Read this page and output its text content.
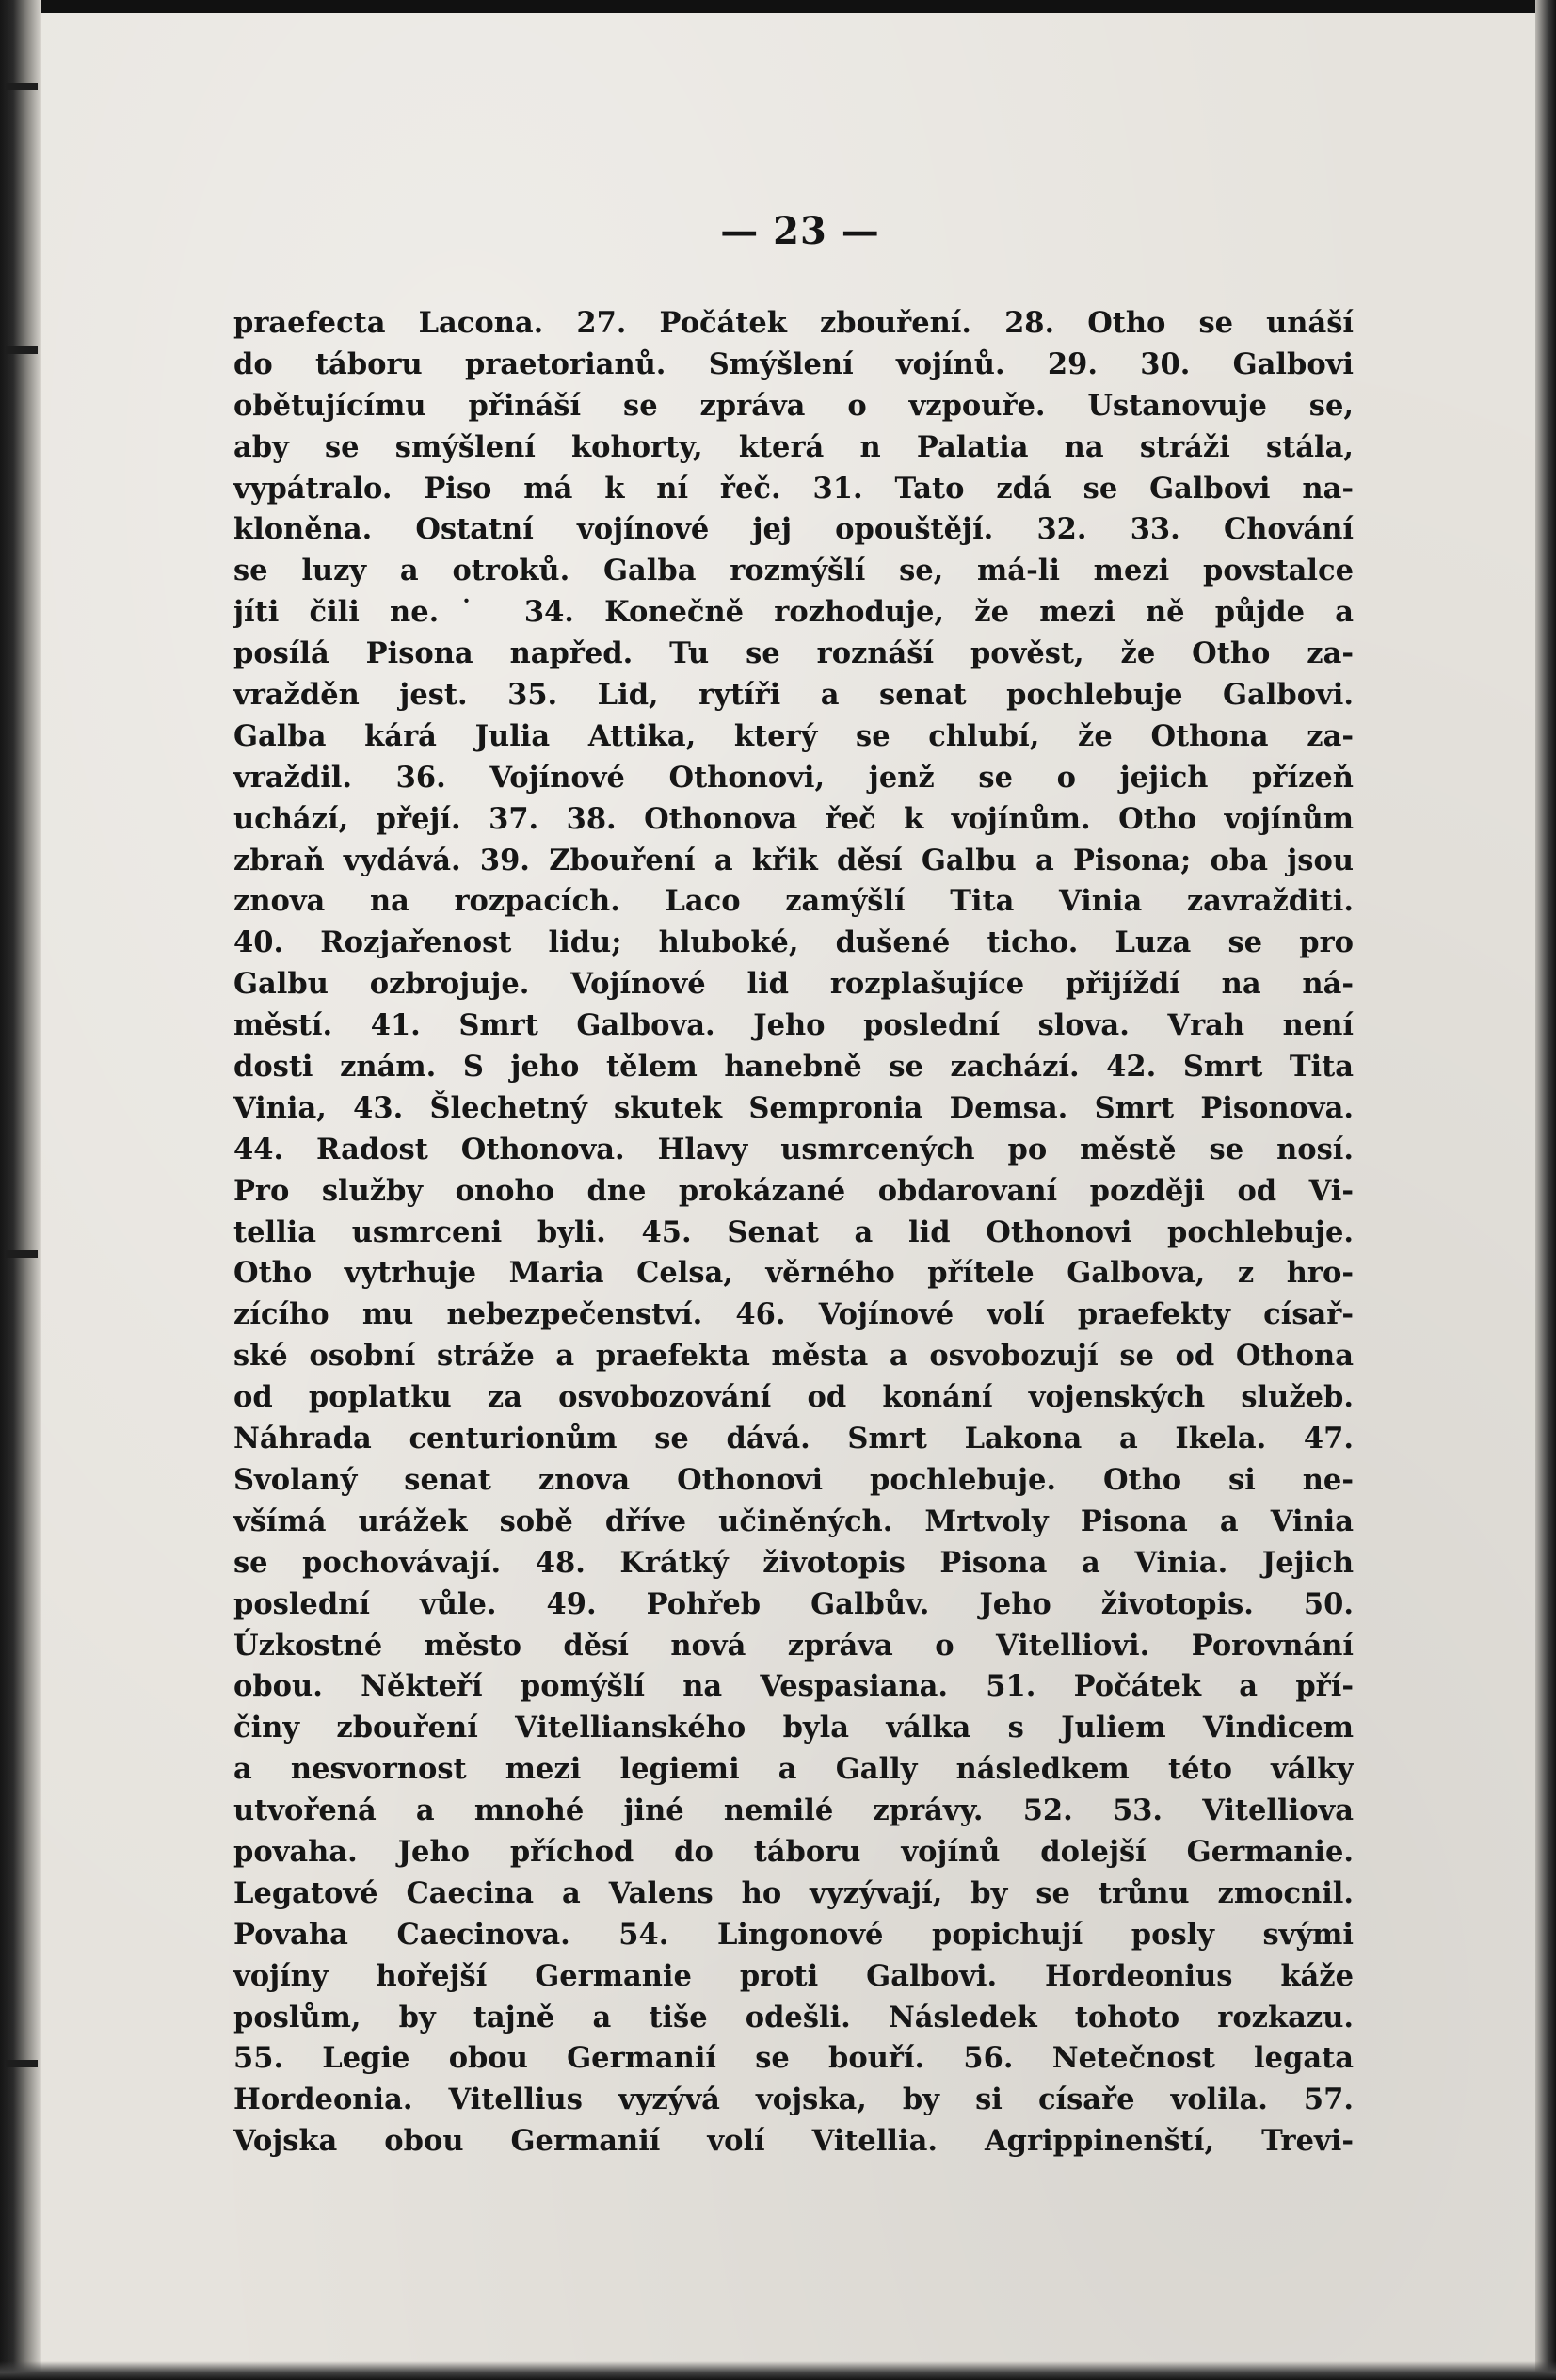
— 23 —
praefecta Lacona. 27. Počátek zbouření. 28. Otho se unáší
do táboru praetorianů. Smýšlení vojínů. 29. 30. Galbovi
obětujícímu přináší se zpráva o vzpouře. Ustanovuje se,
aby se smýšlení kohorty, která n Palatia na stráži stála,
vypátralo. Piso má k ní řeč. 31. Tato zdá se Galbovi na-
kloněna. Ostatní vojínové jej opouštějí. 32. 33. Chování
se luzy a otroků. Galba rozmýšlí se, má-li mezi povstalce
jíti čili ne.˙ 34. Konečně rozhoduje, že mezi ně půjde a
posílá Pisona napřed. Tu se roznáší pověst, že Otho za-
vražděn jest. 35. Lid, rytíři a senat pochlebuje Galbovi.
Galba kárá Julia Attika, který se chlubí, že Othona za-
vraždil. 36. Vojínové Othonovi, jenž se o jejich přízeň
uchází, přejí. 37. 38. Othonova řeč k vojínům. Otho vojínům
zbraň vydává. 39. Zbouření a křik děsí Galbu a Pisona; oba jsou
znova na rozpacích. Laco zamýšlí Tita Vinia zavražditi.
40. Rozjařenost lidu; hluboké, dušené ticho. Luza se pro
Galbu ozbrojuje. Vojínové lid rozplašujíce přijíždí na ná-
městí. 41. Smrt Galbova. Jeho poslední slova. Vrah není
dosti znám. S jeho tělem hanebně se zachází. 42. Smrt Tita
Vinia, 43. Šlechetný skutek Sempronia Demsa. Smrt Pisonova.
44. Radost Othonova. Hlavy usmrcených po městě se nosí.
Pro služby onoho dne prokázané obdarovaní později od Vi-
tellia usmrceni byli. 45. Senat a lid Othonovi pochlebuje.
Otho vytrhuje Maria Celsa, věrného přítele Galbova, z hro-
zícího mu nebezpečenství. 46. Vojínové volí praefekty císař-
ské osobní stráže a praefekta města a osvobozují se od Othona
od poplatku za osvobozování od konání vojenských služeb.
Náhrada centurionům se dává. Smrt Lakona a Ikela. 47.
Svolaný senat znova Othonovi pochlebuje. Otho si ne-
všímá urážek sobě dříve učiněných. Mrtvoly Pisona a Vinia
se pochovávají. 48. Krátký životopis Pisona a Vinia. Jejich
poslední vůle. 49. Pohřeb Galbův. Jeho životopis. 50.
Úzkostné město děsí nová zpráva o Vitelliovi. Porovnání
obou. Někteří pomýšlí na Vespasiana. 51. Počátek a pří-
činy zbouření Vitellianského byla válka s Juliem Vindicem
a nesvornost mezi legiemi a Gally následkem této války
utvořená a mnohé jiné nemilé zprávy. 52. 53. Vitelliova
povaha. Jeho příchod do táboru vojínů dolejší Germanie.
Legatové Caecina a Valens ho vyzývají, by se trůnu zmocnil.
Povaha Caecinova. 54. Lingonové popichují posly svými
vojíny hořejší Germanie proti Galbovi. Hordeonius káže
poslům, by tajně a tiše odešli. Následek tohoto rozkazu.
55. Legie obou Germanií se bouří. 56. Netečnost legata
Hordeonia. Vitellius vyzývá vojska, by si císaře volila. 57.
Vojska obou Germanií volí Vitellia. Agrippinenští, Trevi-
